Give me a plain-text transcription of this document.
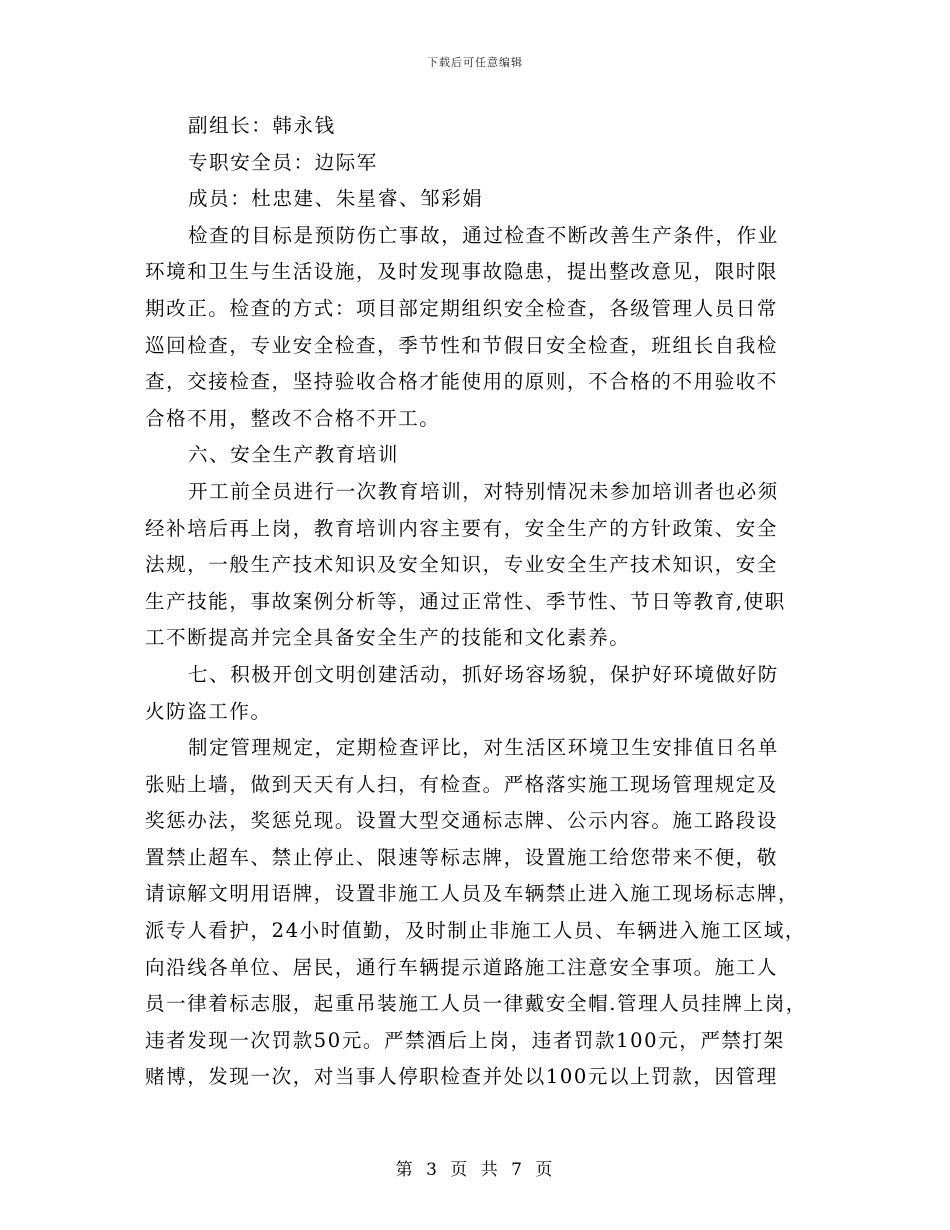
下载后可任意编辑
副组长：韩永钱
专职安全员：边际军
成员：杜忠建、朱星睿、邹彩娟
检查的目标是预防伤亡事故，通过检查不断改善生产条件，作业
环境和卫生与生活设施，及时发现事故隐患，提出整改意见，限时限
期改正。检查的方式：项目部定期组织安全检查，各级管理人员日常
巡回检查，专业安全检查，季节性和节假日安全检查，班组长自我检
查，交接检查，坚持验收合格才能使用的原则，不合格的不用验收不
合格不用，整改不合格不开工。
六、安全生产教育培训
开工前全员进行一次教育培训，对特别情况未参加培训者也必须
经补培后再上岗，教育培训内容主要有，安全生产的方针政策、安全
法规，一般生产技术知识及安全知识，专业安全生产技术知识，安全
生产技能，事故案例分析等，通过正常性、季节性、节日等教育,使职
工不断提高并完全具备安全生产的技能和文化素养。
七、积极开创文明创建活动，抓好场容场貌，保护好环境做好防
火防盗工作。
制定管理规定，定期检查评比，对生活区环境卫生安排值日名单
张贴上墙，做到天天有人扫，有检查。严格落实施工现场管理规定及
奖惩办法，奖惩兑现。设置大型交通标志牌、公示内容。施工路段设
置禁止超车、禁止停止、限速等标志牌，设置施工给您带来不便，敬
请谅解文明用语牌，设置非施工人员及车辆禁止进入施工现场标志牌，
派专人看护，24小时值勤，及时制止非施工人员、车辆进入施工区域，
向沿线各单位、居民，通行车辆提示道路施工注意安全事项。施工人
员一律着标志服，起重吊装施工人员一律戴安全帽.管理人员挂牌上岗，
违者发现一次罚款50元。严禁酒后上岗，违者罚款100元，严禁打架
赌博，发现一次，对当事人停职检查并处以100元以上罚款，因管理
第 3 页 共 7 页
